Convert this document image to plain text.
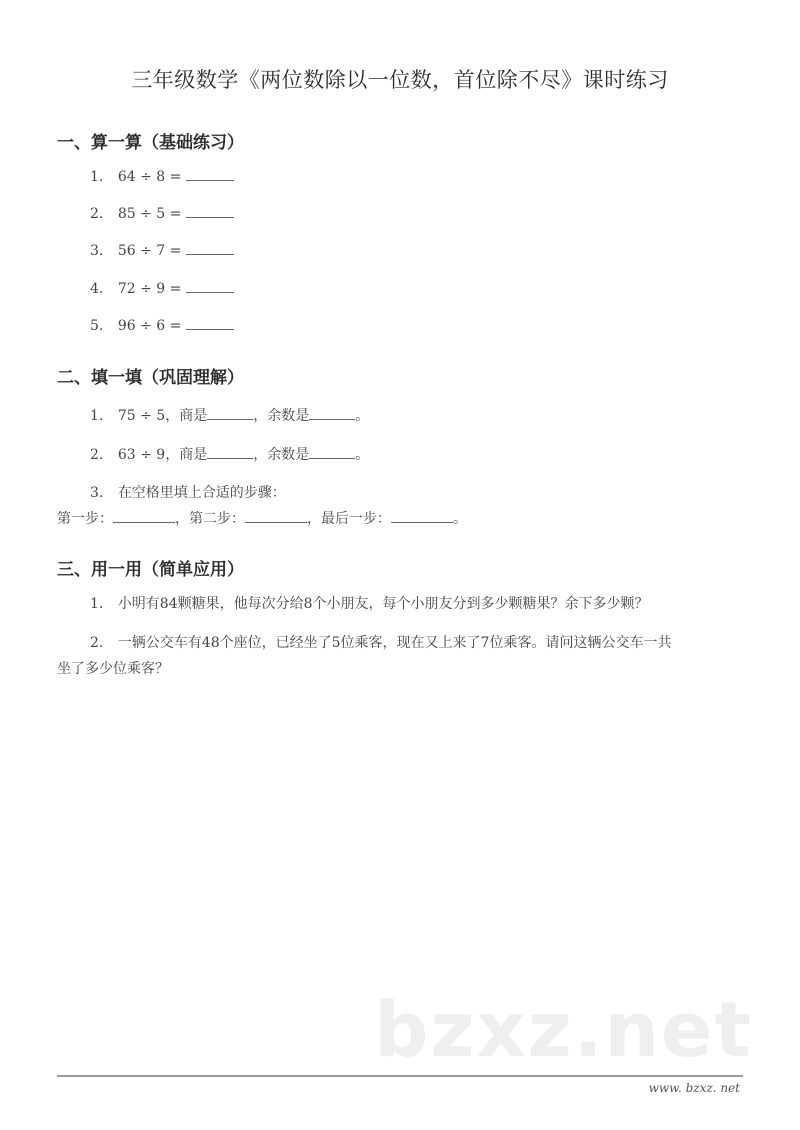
三年级数学《两位数除以一位数，首位除不尽》课时练习
一、算一算（基础练习）
1. 64 ÷ 8 =
2. 85 ÷ 5 =
3. 56 ÷ 7 =
4. 72 ÷ 9 =
5. 96 ÷ 6 =
二、填一填（巩固理解）
1. 75 ÷ 5，商是	，余数是	。
2. 63 ÷ 9，商是	，余数是	。
3. 在空格里填上合适的步骤：
第一步：	，第二步：	，最后一步：	。
三、用一用（简单应用）
1. 小明有84颗糖果，他每次分给8个小朋友，每个小朋友分到多少颗糖果？余下多少颗？
2. 一辆公交车有48个座位，已经坐了5位乘客，现在又上来了7位乘客。请问这辆公交车一共
坐了多少位乘客？
bzxz.net
www. bzxz. net
